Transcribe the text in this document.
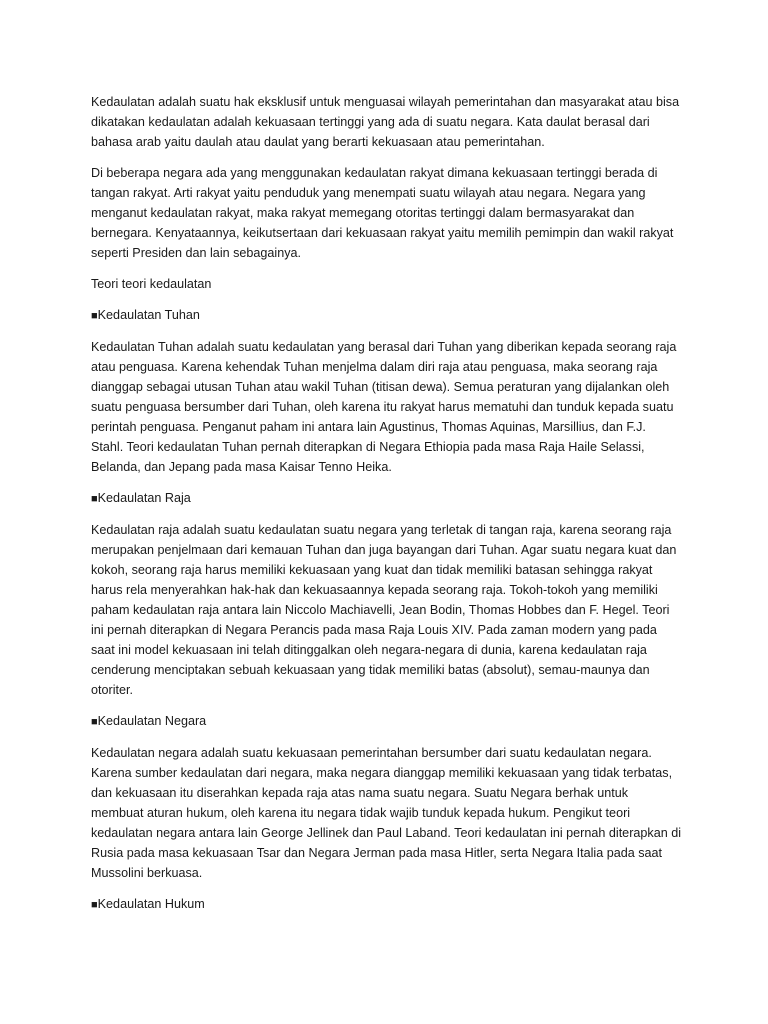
Kedaulatan adalah suatu hak eksklusif untuk menguasai wilayah pemerintahan dan masyarakat atau bisa dikatakan kedaulatan adalah kekuasaan tertinggi yang ada di suatu negara. Kata daulat berasal dari bahasa arab yaitu daulah atau daulat yang berarti kekuasaan atau pemerintahan.

Di beberapa negara ada yang menggunakan kedaulatan rakyat dimana kekuasaan tertinggi berada di tangan rakyat. Arti rakyat yaitu penduduk yang menempati suatu wilayah atau negara. Negara yang menganut kedaulatan rakyat, maka rakyat memegang otoritas tertinggi dalam bermasyarakat dan bernegara. Kenyataannya, keikutsertaan dari kekuasaan rakyat yaitu memilih pemimpin dan wakil rakyat seperti Presiden dan lain sebagainya.

Teori teori kedaulatan

■Kedaulatan Tuhan

Kedaulatan Tuhan adalah suatu kedaulatan yang berasal dari Tuhan yang diberikan kepada seorang raja atau penguasa. Karena kehendak Tuhan menjelma dalam diri raja atau penguasa, maka seorang raja dianggap sebagai utusan Tuhan atau wakil Tuhan (titisan dewa). Semua peraturan yang dijalankan oleh suatu penguasa bersumber dari Tuhan, oleh karena itu rakyat harus mematuhi dan tunduk kepada suatu perintah penguasa. Penganut paham ini antara lain Agustinus, Thomas Aquinas, Marsillius, dan F.J. Stahl. Teori kedaulatan Tuhan pernah diterapkan di Negara Ethiopia pada masa Raja Haile Selassi, Belanda, dan Jepang pada masa Kaisar Tenno Heika.

■Kedaulatan Raja

Kedaulatan raja adalah suatu kedaulatan suatu negara yang terletak di tangan raja, karena seorang raja merupakan penjelmaan dari kemauan Tuhan dan juga bayangan dari Tuhan. Agar suatu negara kuat dan kokoh, seorang raja harus memiliki kekuasaan yang kuat dan tidak memiliki batasan sehingga rakyat harus rela menyerahkan hak-hak dan kekuasaannya kepada seorang raja. Tokoh-tokoh yang memiliki paham kedaulatan raja antara lain Niccolo Machiavelli, Jean Bodin, Thomas Hobbes dan F. Hegel. Teori ini pernah diterapkan di Negara Perancis pada masa Raja Louis XIV. Pada zaman modern yang pada saat ini model kekuasaan ini telah ditinggalkan oleh negara-negara di dunia, karena kedaulatan raja cenderung menciptakan sebuah kekuasaan yang tidak memiliki batas (absolut), semau-maunya dan otoriter.

■Kedaulatan Negara

Kedaulatan negara adalah suatu kekuasaan pemerintahan bersumber dari suatu kedaulatan negara. Karena sumber kedaulatan dari negara, maka negara dianggap memiliki kekuasaan yang tidak terbatas, dan kekuasaan itu diserahkan kepada raja atas nama suatu negara. Suatu Negara berhak untuk membuat aturan hukum, oleh karena itu negara tidak wajib tunduk kepada hukum. Pengikut teori kedaulatan negara antara lain George Jellinek dan Paul Laband. Teori kedaulatan ini pernah diterapkan di Rusia pada masa kekuasaan Tsar dan Negara Jerman pada masa Hitler, serta Negara Italia pada saat Mussolini berkuasa.

■Kedaulatan Hukum
